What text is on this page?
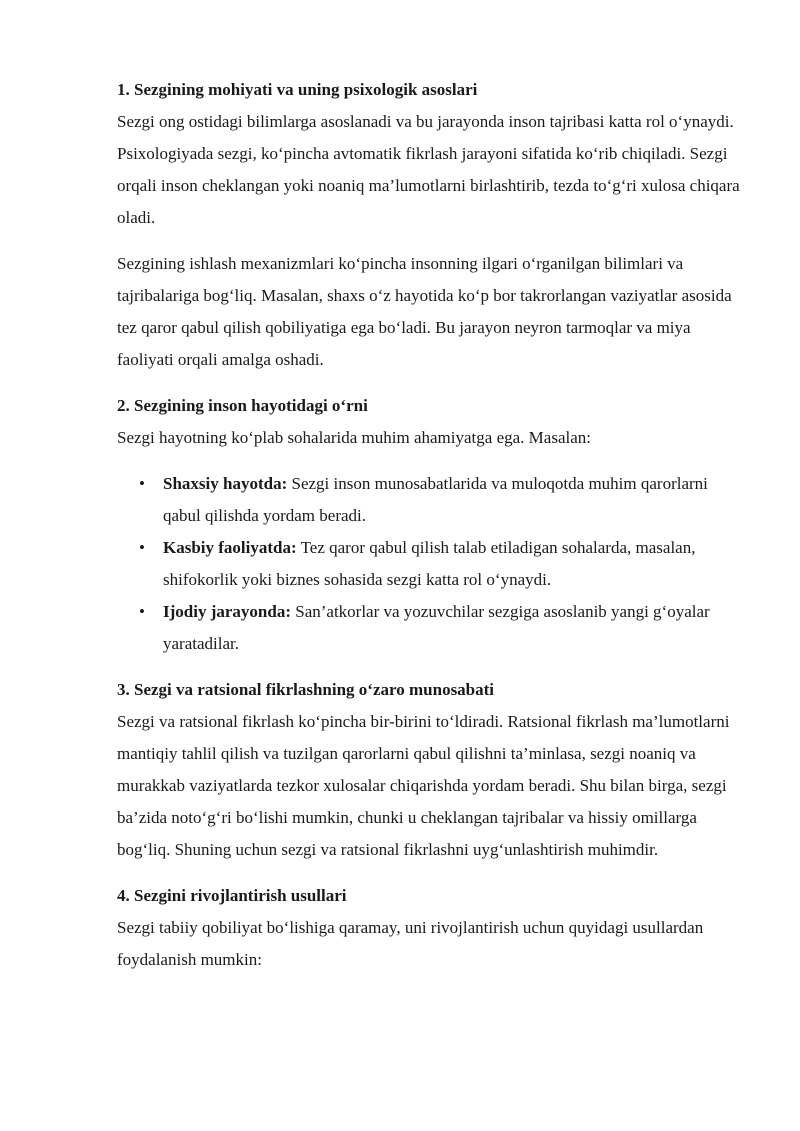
1. Sezgining mohiyati va uning psixologik asoslari

Sezgi ong ostidagi bilimlarga asoslanadi va bu jarayonda inson tajribasi katta rol o‘ynaydi. Psixologiyada sezgi, ko‘pincha avtomatik fikrlash jarayoni sifatida ko‘rib chiqiladi. Sezgi orqali inson cheklangan yoki noaniq ma’lumotlarni birlashtirib, tezda to‘g‘ri xulosa chiqara oladi.

Sezgining ishlash mexanizmlari ko‘pincha insonning ilgari o‘rganilgan bilimlari va tajribalariga bog‘liq. Masalan, shaxs o‘z hayotida ko‘p bor takrorlangan vaziyatlar asosida tez qaror qabul qilish qobiliyatiga ega bo‘ladi. Bu jarayon neyron tarmoqlar va miya faoliyati orqali amalga oshadi.

2. Sezgining inson hayotidagi o‘rni

Sezgi hayotning ko‘plab sohalarida muhim ahamiyatga ega. Masalan:

• Shaxsiy hayotda: Sezgi inson munosabatlarida va muloqotda muhim qarorlarni qabul qilishda yordam beradi.
• Kasbiy faoliyatda: Tez qaror qabul qilish talab etiladigan sohalarda, masalan, shifokorlik yoki biznes sohasida sezgi katta rol o‘ynaydi.
• Ijodiy jarayonda: San’atkorlar va yozuvchilar sezgiga asoslanib yangi g‘oyalar yaratadilar.

3. Sezgi va ratsional fikrlashning o‘zaro munosabati

Sezgi va ratsional fikrlash ko‘pincha bir-birini to‘ldiradi. Ratsional fikrlash ma’lumotlarni mantiqiy tahlil qilish va tuzilgan qarorlarni qabul qilishni ta’minlasa, sezgi noaniq va murakkab vaziyatlarda tezkor xulosalar chiqarishda yordam beradi. Shu bilan birga, sezgi ba’zida noto‘g‘ri bo‘lishi mumkin, chunki u cheklangan tajribalar va hissiy omillarga bog‘liq. Shuning uchun sezgi va ratsional fikrlashni uyg‘unlashtirish muhimdir.

4. Sezgini rivojlantirish usullari

Sezgi tabiiy qobiliyat bo‘lishiga qaramay, uni rivojlantirish uchun quyidagi usullardan foydalanish mumkin:
